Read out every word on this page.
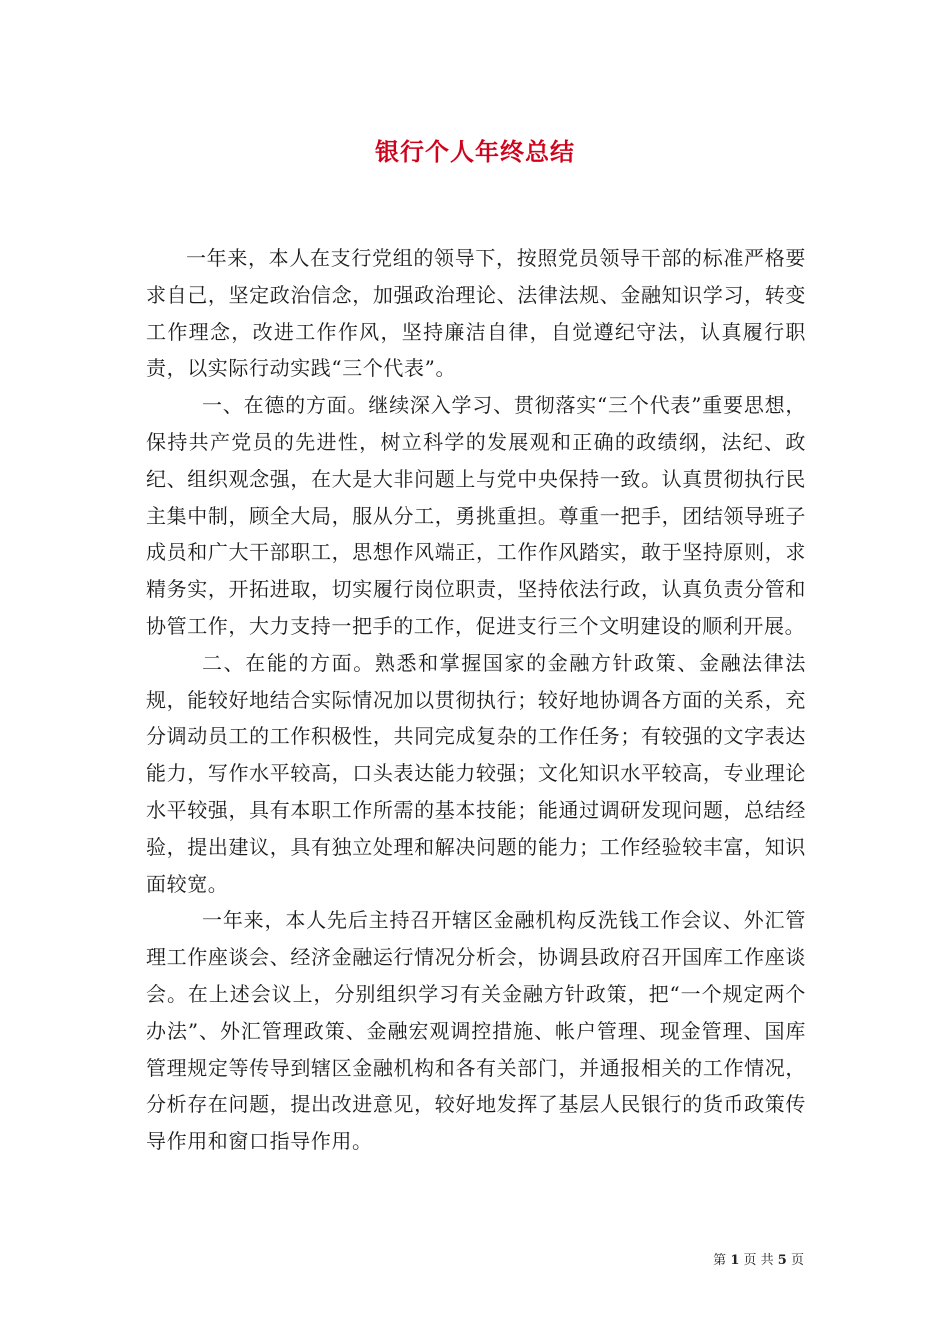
银行个人年终总结

一年来，本人在支行党组的领导下，按照党员领导干部的标准严格要求自己，坚定政治信念，加强政治理论、法律法规、金融知识学习，转变工作理念，改进工作作风，坚持廉洁自律，自觉遵纪守法，认真履行职责，以实际行动实践“三个代表”。

一、在德的方面。继续深入学习、贯彻落实“三个代表”重要思想，保持共产党员的先进性，树立科学的发展观和正确的政绩纲，法纪、政纪、组织观念强，在大是大非问题上与党中央保持一致。认真贯彻执行民主集中制，顾全大局，服从分工，勇挑重担。尊重一把手，团结领导班子成员和广大干部职工，思想作风端正，工作作风踏实，敢于坚持原则，求精务实，开拓进取，切实履行岗位职责，坚持依法行政，认真负责分管和协管工作，大力支持一把手的工作，促进支行三个文明建设的顺利开展。

二、在能的方面。熟悉和掌握国家的金融方针政策、金融法律法规，能较好地结合实际情况加以贯彻执行；较好地协调各方面的关系，充分调动员工的工作积极性，共同完成复杂的工作任务；有较强的文字表达能力，写作水平较高，口头表达能力较强；文化知识水平较高，专业理论水平较强，具有本职工作所需的基本技能；能通过调研发现问题，总结经验，提出建议，具有独立处理和解决问题的能力；工作经验较丰富，知识面较宽。

一年来，本人先后主持召开辖区金融机构反洗钱工作会议、外汇管理工作座谈会、经济金融运行情况分析会，协调县政府召开国库工作座谈会。在上述会议上，分别组织学习有关金融方针政策，把“一个规定两个办法”、外汇管理政策、金融宏观调控措施、帐户管理、现金管理、国库管理规定等传导到辖区金融机构和各有关部门，并通报相关的工作情况，分析存在问题，提出改进意见，较好地发挥了基层人民银行的货币政策传导作用和窗口指导作用。

第 1 页 共 5 页
